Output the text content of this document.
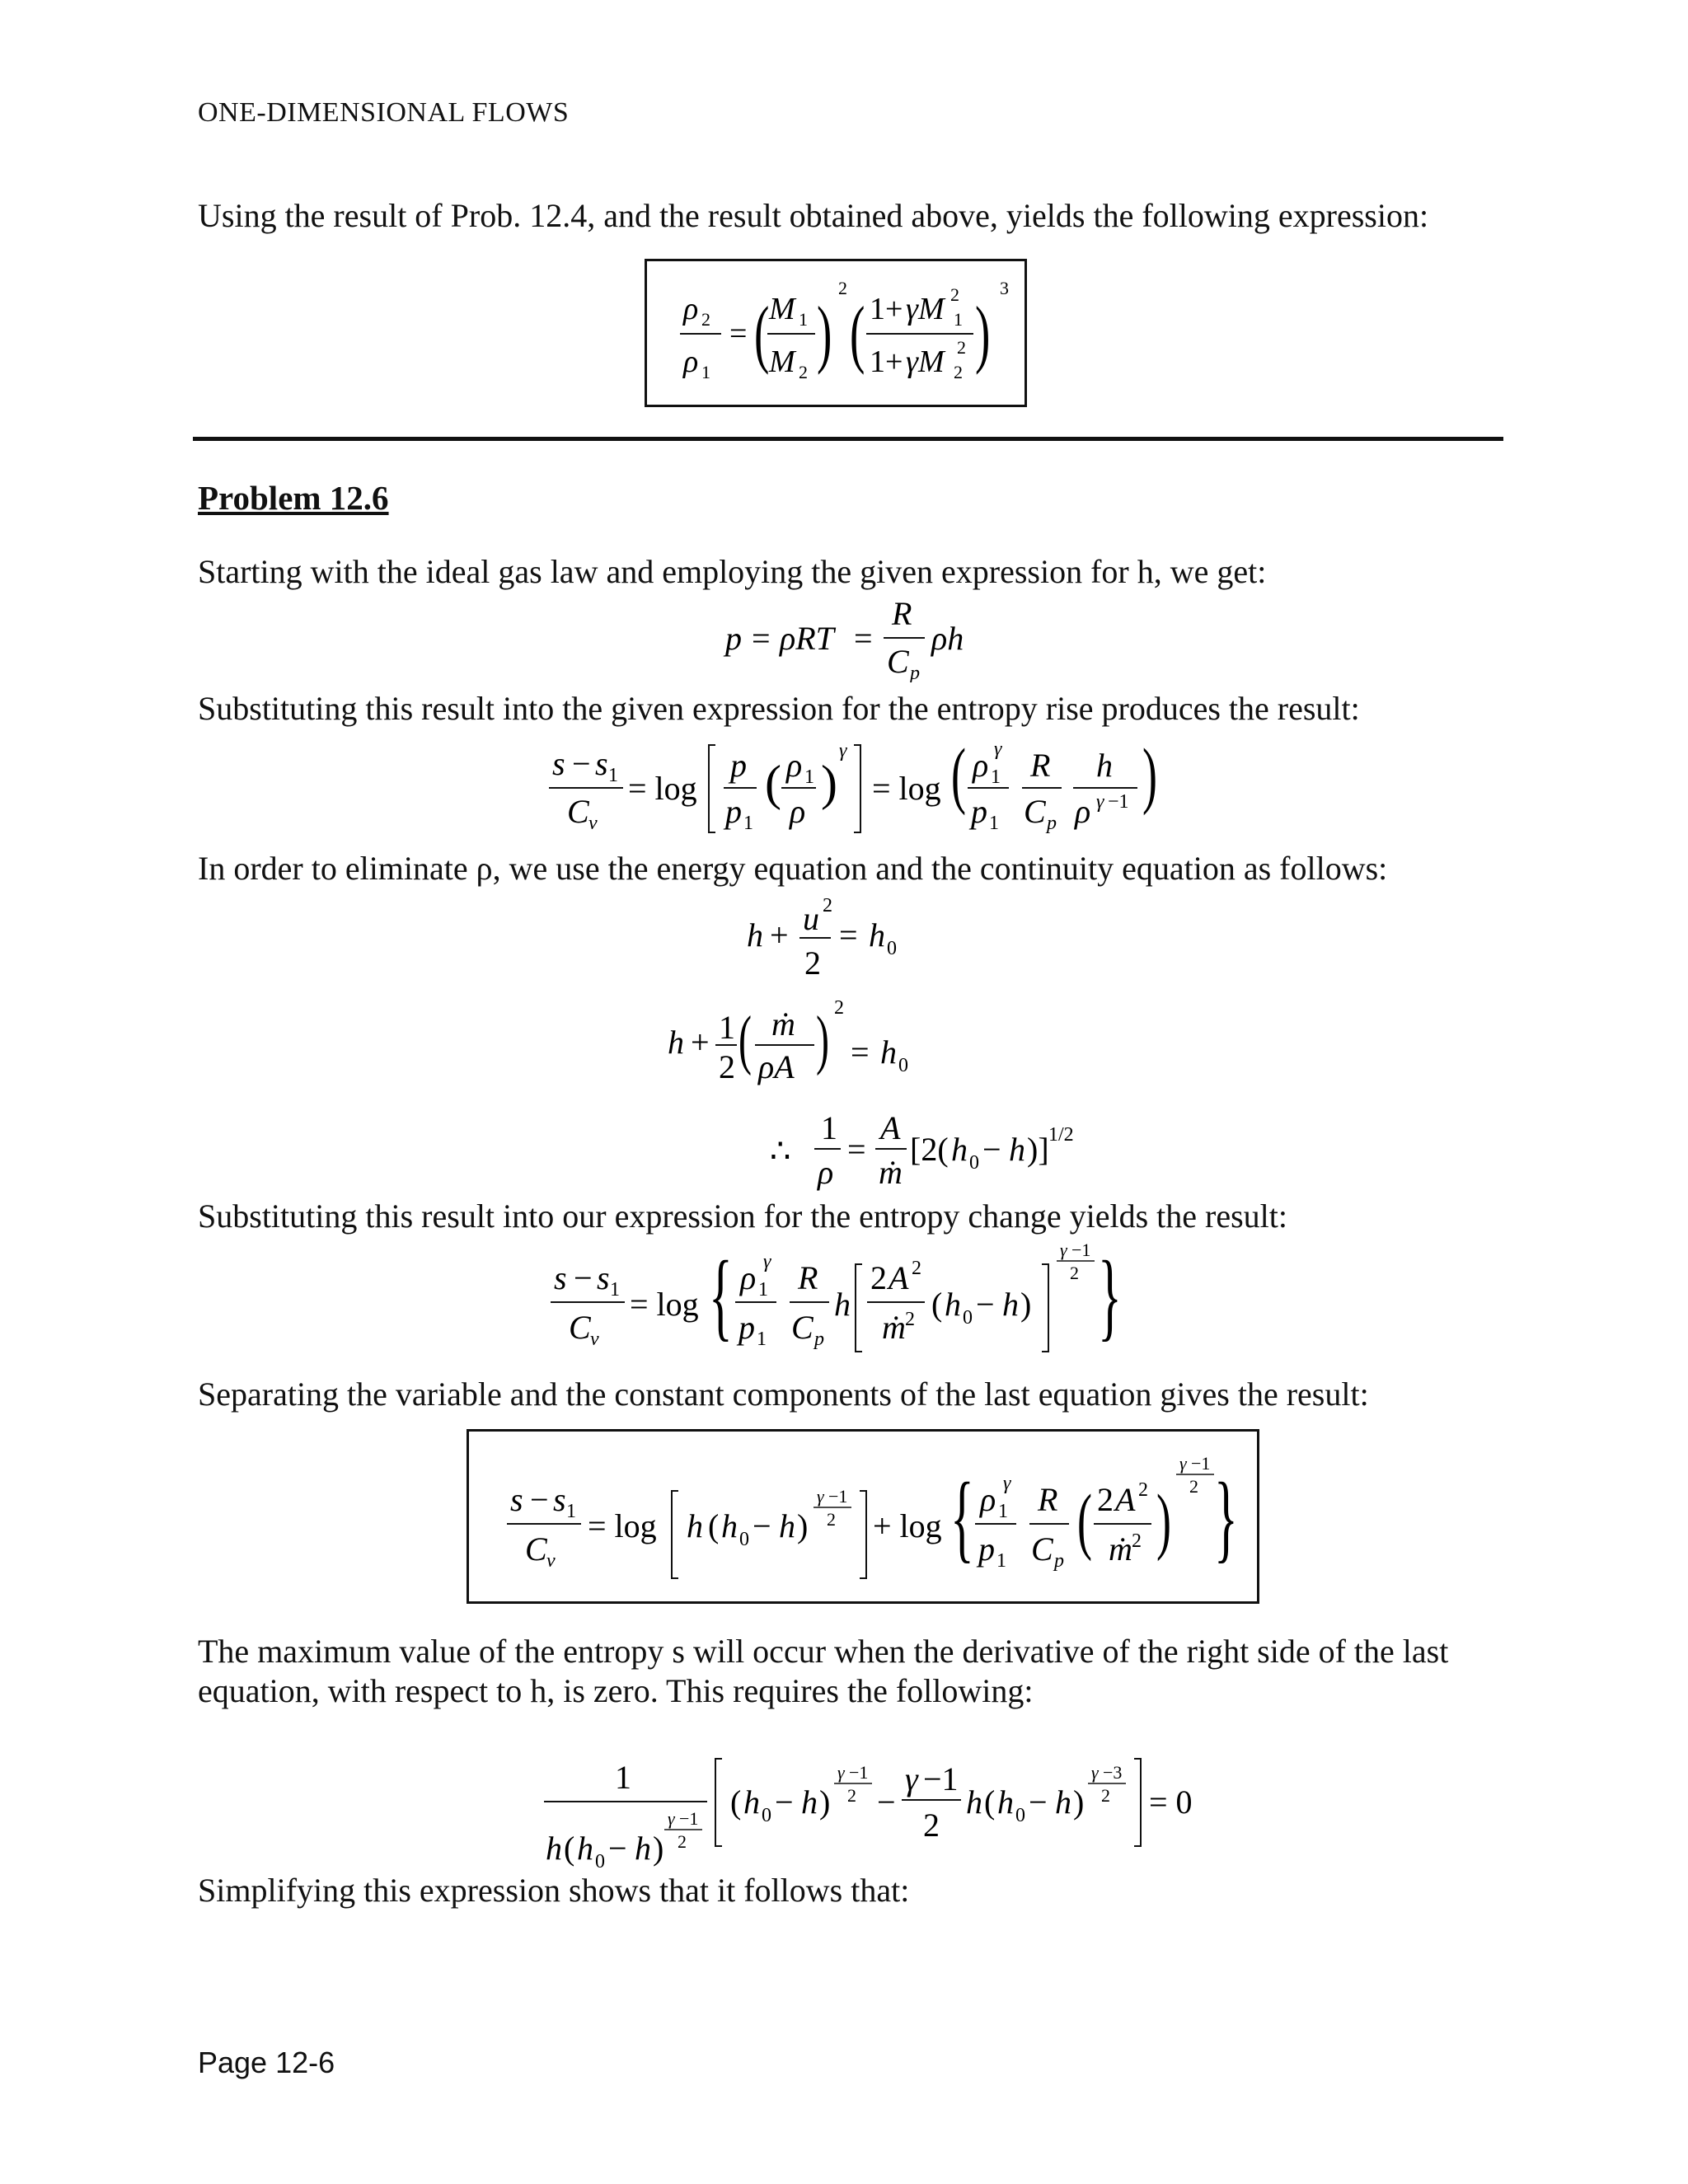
ONE-DIMENSIONAL FLOWS
Using the result of Prob. 12.4, and the result obtained above, yields the following expression:
ρ 2
ρ 1
= ( M 1
M 2 )
2
( 1+ γM 1
2
1+ γM 2
2 )
3
Problem 12.6
Starting with the ideal gas law and employing the given expression for h, we get:
p = ρRT =
R
C p
ρh
Substituting this result into the given expression for the entropy rise produces the result:
s − s 1
C v
= log
p
p 1
( ρ 1
ρ
)
γ
= log ( ρ 1
γ
p 1
R
C p
h
ρ γ −1 )
In order to eliminate ρ, we use the energy equation and the continuity equation as follows:
h + u 2
2
= h 0
h + 1
2 ( ṁ
ρA ) 2
= h 0
∴
1
ρ
=
A
ṁ
[2( h 0 − h )] 1/2
Substituting this result into our expression for the entropy change yields the result:
s − s 1
C v
= log { ρ 1
γ
p 1
R
C p
h
2 A 2
ṁ 2 ( h 0 − h )
γ −1
2 }
Separating the variable and the constant components of the last equation gives the result:
s − s 1
C v
= log h ( h 0 − h )
γ −1
2 + log { ρ 1
γ
p 1
R
C p ( 2 A 2
ṁ 2 )
γ −1
2 }
The maximum value of the entropy s will occur when the derivative of the right side of the last equation, with respect to h, is zero. This requires the following:
1
h ( h 0 − h )
γ −1
2
( h 0 − h )
γ −1
2 −
γ −1
2
h ( h 0 − h )
γ −3
2 = 0
Simplifying this expression shows that it follows that:
Page 12-6
